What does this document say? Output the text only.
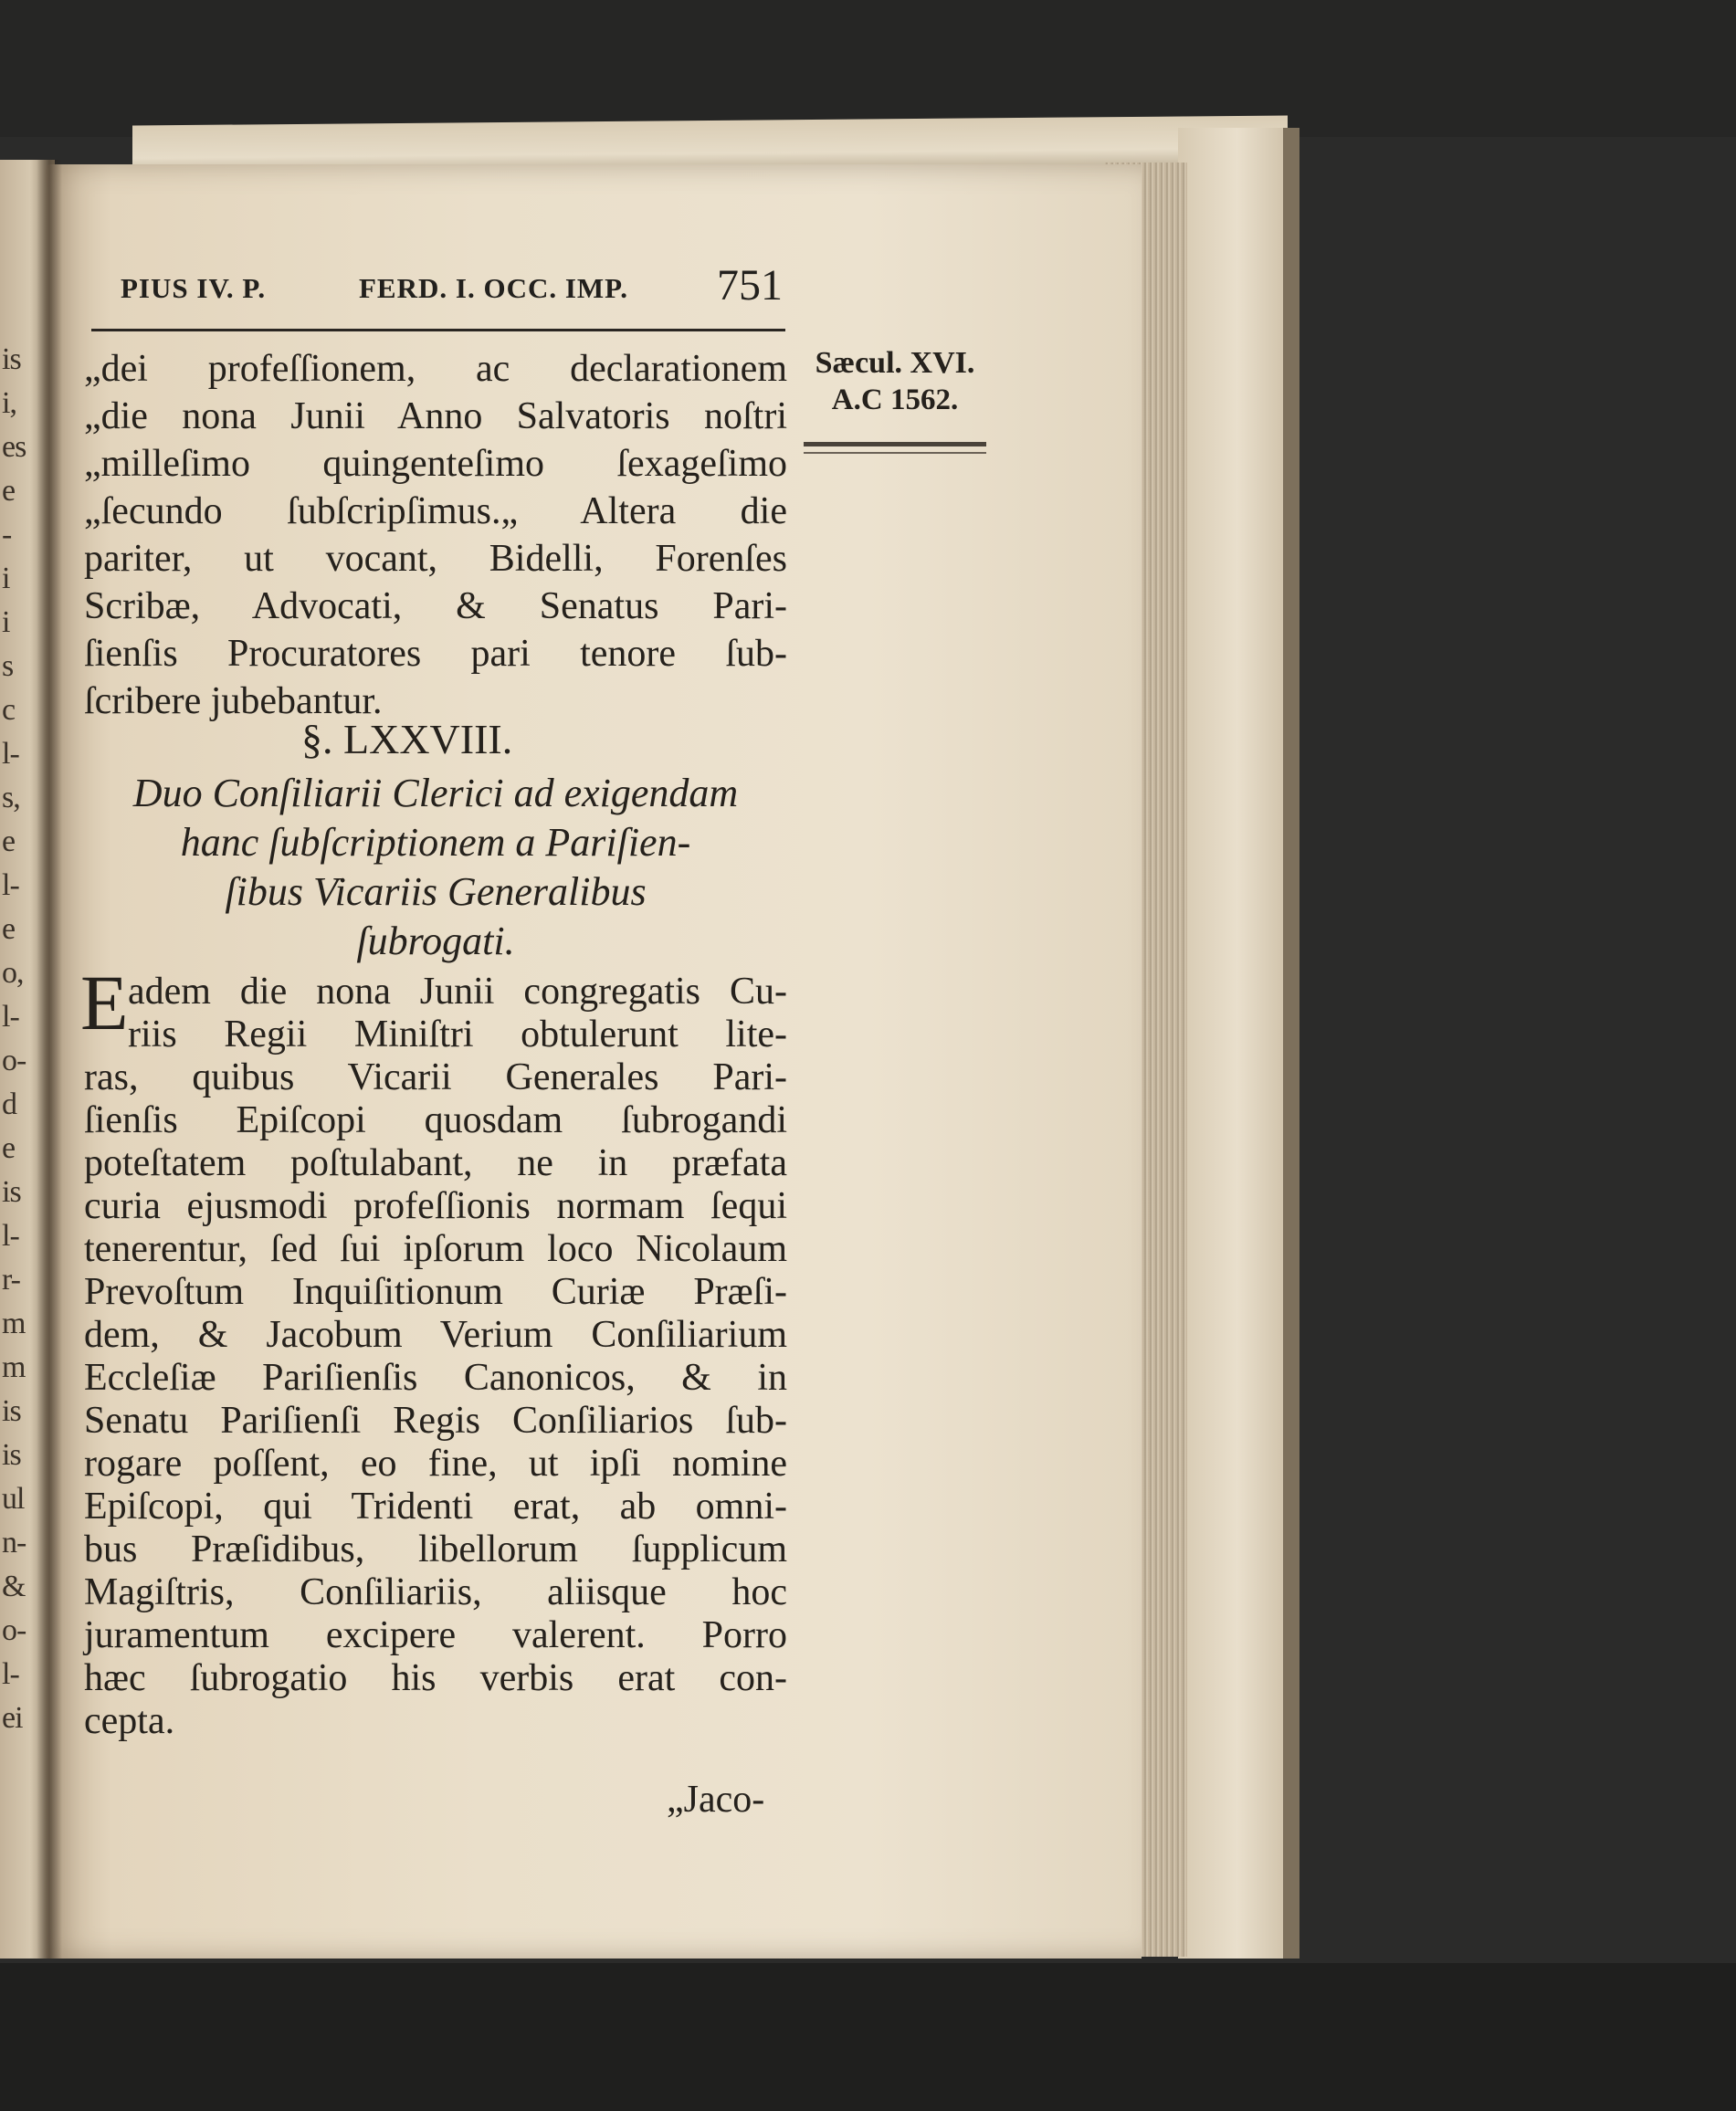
is
i,
es
e
-
i
i
s
c
l-
s,
e
l-
e
o,
l-
o-
d
e
is
l-
r-
m
m
is
is
ul
n-
&
o-
l-
ei
PIUS IV. P.	FERD. I. OCC. IMP. 751
Sæcul. XVI.
A.C 1562.
„dei profeſſionem, ac declarationem
„die nona Junii Anno Salvatoris noſtri
„milleſimo quingenteſimo ſexageſimo
„ſecundo ſubſcripſimus.„ Altera die
pariter, ut vocant, Bidelli, Forenſes
Scribæ, Advocati, & Senatus Pari-
ſienſis Procuratores pari tenore ſub-
ſcribere jubebantur.
§. LXXVIII.
Duo Conſiliarii Clerici ad exigendam
hanc ſubſcriptionem a Pariſien-
ſibus Vicariis Generalibus
ſubrogati.
E adem die nona Junii congregatis Cu-
riis Regii Miniſtri obtulerunt lite-
ras, quibus Vicarii Generales Pari-
ſienſis Epiſcopi quosdam ſubrogandi
poteſtatem poſtulabant, ne in præfata
curia ejusmodi profeſſionis normam ſequi
tenerentur, ſed ſui ipſorum loco Nicolaum
Prevoſtum Inquiſitionum Curiæ Præſi-
dem, & Jacobum Verium Conſiliarium
Eccleſiæ Pariſienſis Canonicos, & in
Senatu Pariſienſi Regis Conſiliarios ſub-
rogare poſſent, eo fine, ut ipſi nomine
Epiſcopi, qui Tridenti erat, ab omni-
bus Præſidibus, libellorum ſupplicum
Magiſtris, Conſiliariis, aliisque hoc
juramentum excipere valerent. Porro
hæc ſubrogatio his verbis erat con-
cepta.
„Jaco-
